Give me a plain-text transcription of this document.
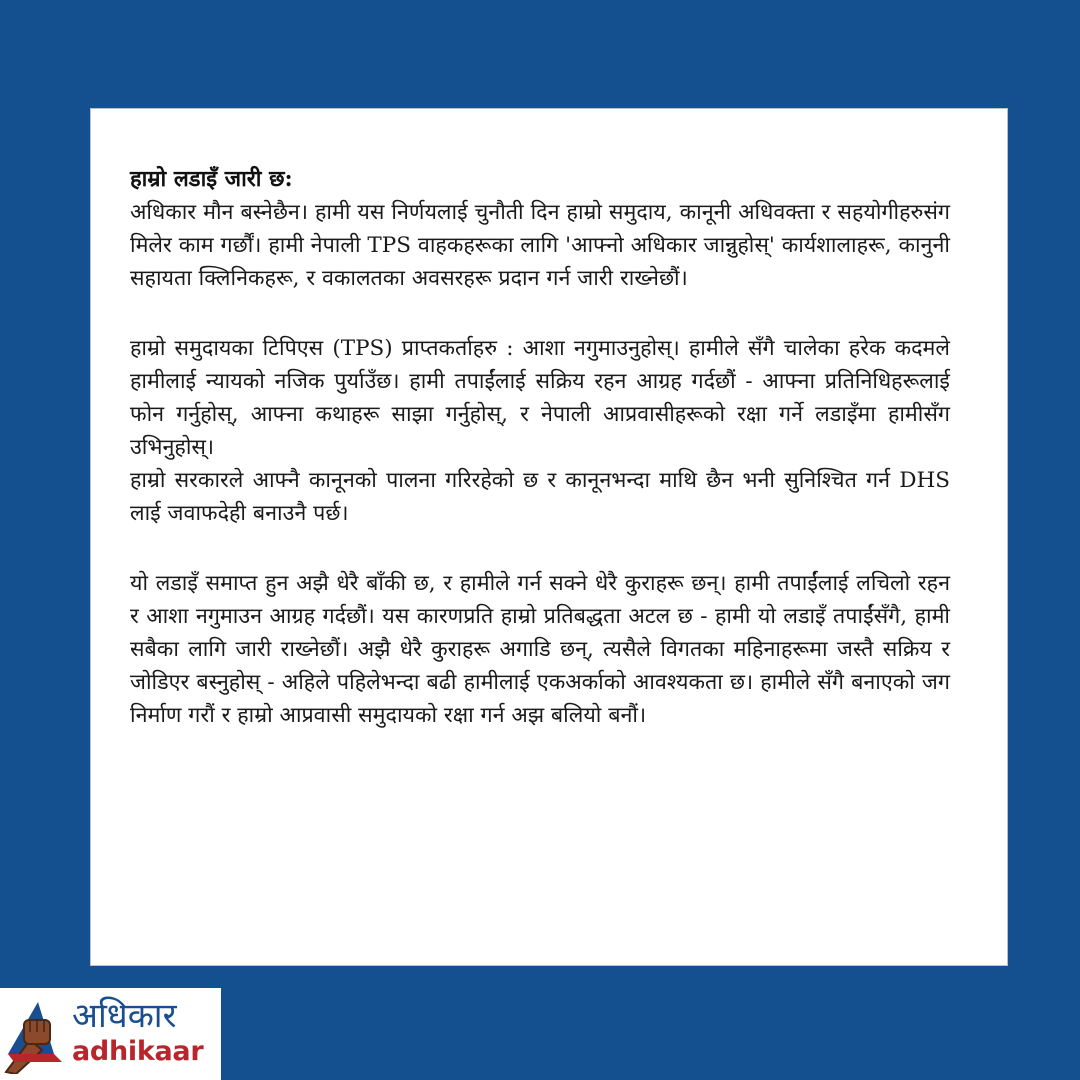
हाम्रो लडाइँ जारी छ:

अधिकार मौन बस्नेछैन। हामी यस निर्णयलाई चुनौती दिन हाम्रो समुदाय, कानूनी अधिवक्ता र सहयोगीहरुसंग मिलेर काम गर्छौं। हामी नेपाली TPS वाहकहरूका लागि 'आफ्नो अधिकार जान्नुहोस्' कार्यशालाहरू, कानुनी सहायता क्लिनिकहरू, र वकालतका अवसरहरू प्रदान गर्न जारी राख्नेछौं।

हाम्रो समुदायका टिपिएस (TPS) प्राप्तकर्ताहरु : आशा नगुमाउनुहोस्। हामीले सँगै चालेका हरेक कदमले हामीलाई न्यायको नजिक पुर्याउँछ। हामी तपाईंलाई सक्रिय रहन आग्रह गर्दछौं - आफ्ना प्रतिनिधिहरूलाई फोन गर्नुहोस्, आफ्ना कथाहरू साझा गर्नुहोस्, र नेपाली आप्रवासीहरूको रक्षा गर्ने लडाइँमा हामीसँग उभिनुहोस्।

हाम्रो सरकारले आफ्नै कानूनको पालना गरिरहेको छ र कानूनभन्दा माथि छैन भनी सुनिश्चित गर्न DHS लाई जवाफदेही बनाउनै पर्छ।

यो लडाइँ समाप्त हुन अझै धेरै बाँकी छ, र हामीले गर्न सक्ने धेरै कुराहरू छन्। हामी तपाईंलाई लचिलो रहन र आशा नगुमाउन आग्रह गर्दछौं। यस कारणप्रति हाम्रो प्रतिबद्धता अटल छ - हामी यो लडाइँ तपाईंसँगै, हामी सबैका लागि जारी राख्नेछौं। अझै धेरै कुराहरू अगाडि छन्, त्यसैले विगतका महिनाहरूमा जस्तै सक्रिय र जोडिएर बस्नुहोस् - अहिले पहिलेभन्दा बढी हामीलाई एकअर्काको आवश्यकता छ। हामीले सँगै बनाएको जग निर्माण गरौं र हाम्रो आप्रवासी समुदायको रक्षा गर्न अझ बलियो बनौं।

अधिकार
adhikaar
